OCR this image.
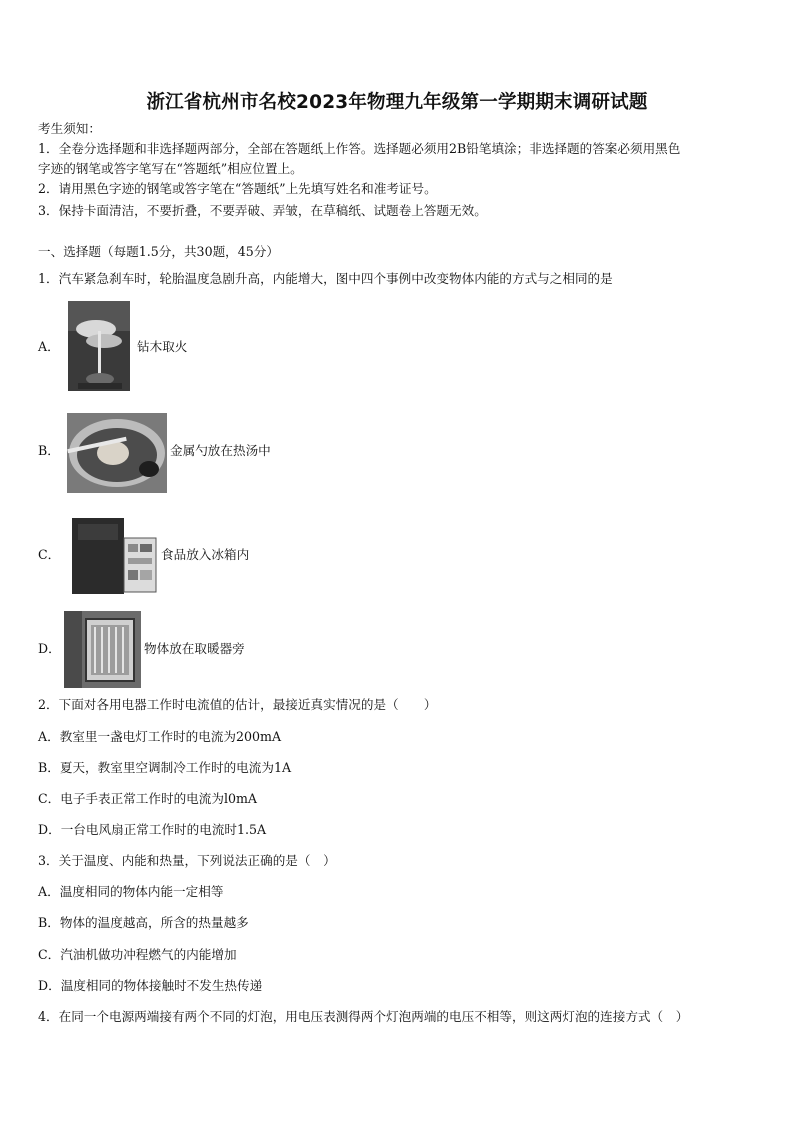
浙江省杭州市名校2023年物理九年级第一学期期末调研试题
考生须知：
1．全卷分选择题和非选择题两部分，全部在答题纸上作答。选择题必须用2B铅笔填涂；非选择题的答案必须用黑色
字迹的钢笔或答字笔写在“答题纸”相应位置上。
2．请用黑色字迹的钢笔或答字笔在“答题纸”上先填写姓名和准考证号。
3．保持卡面清洁，不要折叠，不要弄破、弄皱，在草稿纸、试题卷上答题无效。
一、选择题（每题1.5分，共30题，45分）
1．汽车紧急刹车时，轮胎温度急剧升高，内能增大，图中四个事例中改变物体内能的方式与之相同的是
A．	钻木取火
B．	金属勺放在热汤中
C．	食品放入冰箱内
D．	物体放在取暖器旁
2．下面对各用电器工作时电流值的估计，最接近真实情况的是（　　）
A．教室里一盏电灯工作时的电流为200mA
B．夏天，教室里空调制冷工作时的电流为1A
C．电子手表正常工作时的电流为l0mA
D．一台电风扇正常工作时的电流时1.5A
3．关于温度、内能和热量，下列说法正确的是（　）
A．温度相同的物体内能一定相等
B．物体的温度越高，所含的热量越多
C．汽油机做功冲程燃气的内能增加
D．温度相同的物体接触时不发生热传递
4．在同一个电源两端接有两个不同的灯泡，用电压表测得两个灯泡两端的电压不相等，则这两灯泡的连接方式（　）
